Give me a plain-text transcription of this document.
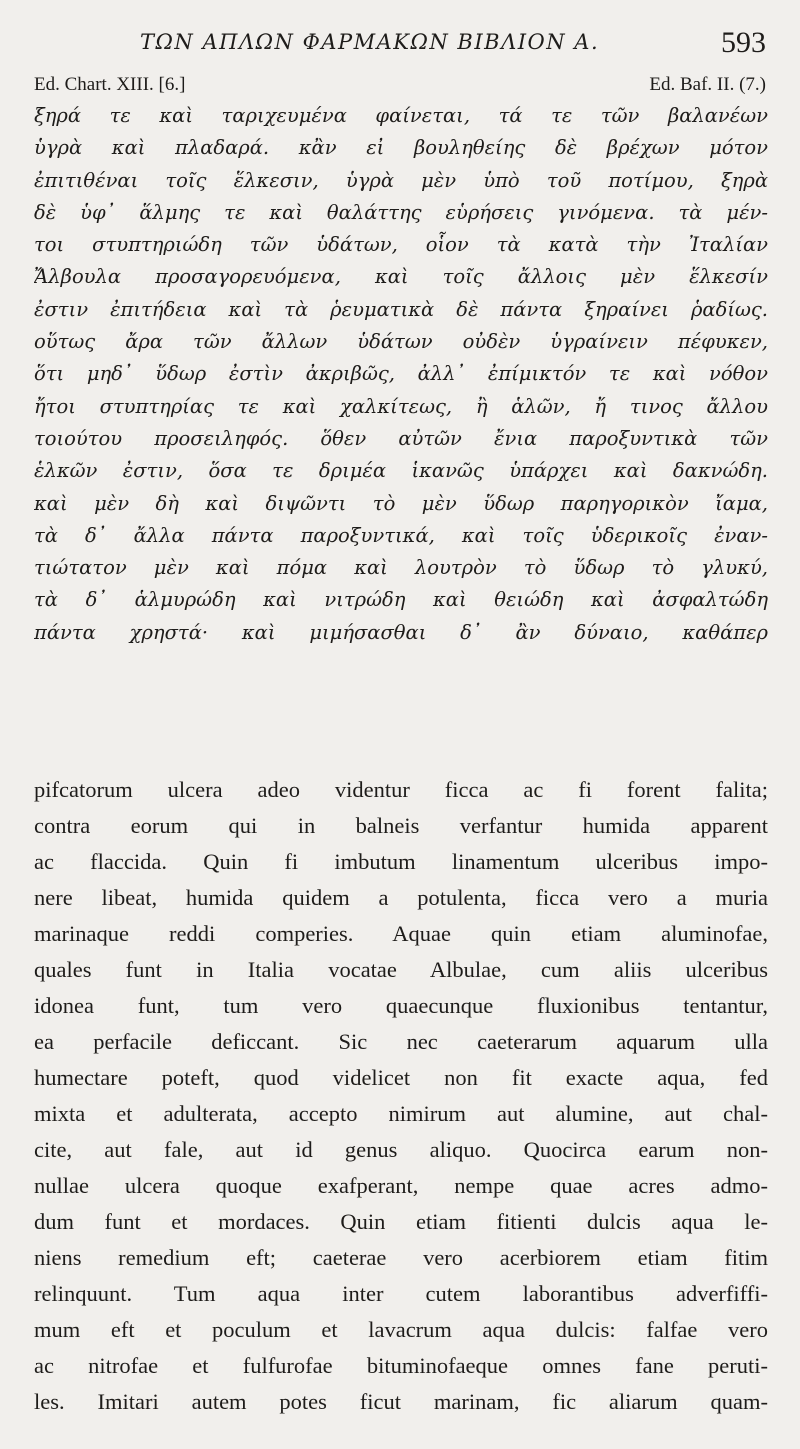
ΤΩΝ ΑΠΛΩΝ ΦΑΡΜΑΚΩΝ ΒΙΒΛΙΟΝ Α.	593
Ed. Chart. XIII. [6.]	Ed. Baf. II. (7.)
ξηρά τε καὶ ταριχευμένα φαίνεται, τά τε τῶν βαλανέων
ὑγρὰ καὶ πλαδαρά. κἂν εἰ βουληθείης δὲ βρέχων μότον
ἐπιτιθέναι τοῖς ἕλκεσιν, ὑγρὰ μὲν ὑπὸ τοῦ ποτίμου, ξηρὰ
δὲ ὑφ᾽ ἅλμης τε καὶ θαλάττης εὑρήσεις γινόμενα. τὰ μέν-
τοι στυπτηριώδη τῶν ὑδάτων, οἷον τὰ κατὰ τὴν Ἰταλίαν
Ἄλβουλα προσαγορευόμενα, καὶ τοῖς ἄλλοις μὲν ἕλκεσίν
ἐστιν ἐπιτήδεια καὶ τὰ ῥευματικὰ δὲ πάντα ξηραίνει ῥαδίως.
οὕτως ἄρα τῶν ἄλλων ὑδάτων οὐδὲν ὑγραίνειν πέφυκεν,
ὅτι μηδ᾽ ὕδωρ ἐστὶν ἀκριβῶς, ἀλλ᾽ ἐπίμικτόν τε καὶ νόθον
ἤτοι στυπτηρίας τε καὶ χαλκίτεως, ἢ ἁλῶν, ἤ τινος ἄλλου
τοιούτου προσειληφός. ὅθεν αὐτῶν ἔνια παροξυντικὰ τῶν
ἑλκῶν ἐστιν, ὅσα τε δριμέα ἱκανῶς ὑπάρχει καὶ δακνώδη.
καὶ μὲν δὴ καὶ διψῶντι τὸ μὲν ὕδωρ παρηγορικὸν ἴαμα,
τὰ δ᾽ ἄλλα πάντα παροξυντικά, καὶ τοῖς ὑδερικοῖς ἐναν-
τιώτατον μὲν καὶ πόμα καὶ λουτρὸν τὸ ὕδωρ τὸ γλυκύ,
τὰ δ᾽ ἁλμυρώδη καὶ νιτρώδη καὶ θειώδη καὶ ἀσφαλτώδη
πάντα χρηστά· καὶ μιμήσασθαι δ᾽ ἂν δύναιο, καθάπερ
pifcatorum ulcera adeo videntur ficca ac fi forent falita;
contra eorum qui in balneis verfantur humida apparent
ac flaccida. Quin fi imbutum linamentum ulceribus impo-
nere libeat, humida quidem a potulenta, ficca vero a muria
marinaque reddi comperies. Aquae quin etiam aluminofae,
quales funt in Italia vocatae Albulae, cum aliis ulceribus
idonea funt, tum vero quaecunque fluxionibus tentantur,
ea perfacile deficcant. Sic nec caeterarum aquarum ulla
humectare poteft, quod videlicet non fit exacte aqua, fed
mixta et adulterata, accepto nimirum aut alumine, aut chal-
cite, aut fale, aut id genus aliquo. Quocirca earum non-
nullae ulcera quoque exafperant, nempe quae acres admo-
dum funt et mordaces. Quin etiam fitienti dulcis aqua le-
niens remedium eft; caeterae vero acerbiorem etiam fitim
relinquunt. Tum aqua inter cutem laborantibus adverfiffi-
mum eft et poculum et lavacrum aqua dulcis: falfae vero
ac nitrofae et fulfurofae bituminofaeque omnes fane peruti-
les. Imitari autem potes ficut marinam, fic aliarum quam-
